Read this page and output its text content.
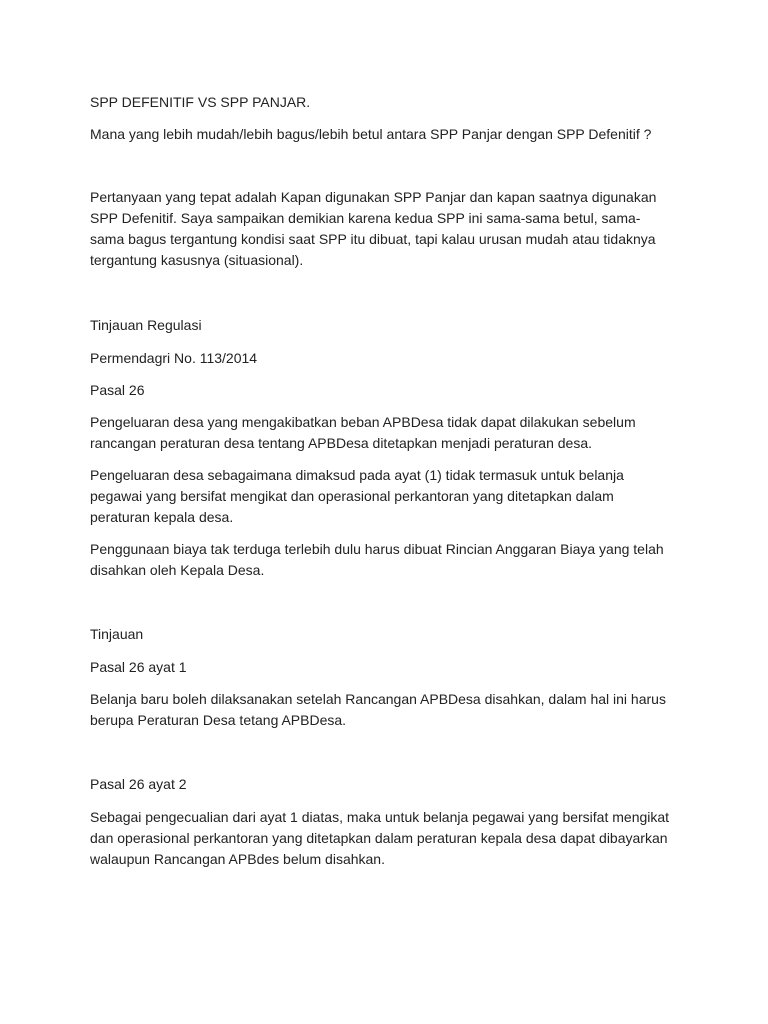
SPP DEFENITIF VS SPP PANJAR.

Mana yang lebih mudah/lebih bagus/lebih betul antara SPP Panjar dengan SPP Defenitif ?

Pertanyaan yang tepat adalah Kapan digunakan SPP Panjar dan kapan saatnya digunakan SPP Defenitif. Saya sampaikan demikian karena kedua SPP ini sama-sama betul, sama-sama bagus tergantung kondisi saat SPP itu dibuat, tapi kalau urusan mudah atau tidaknya tergantung kasusnya (situasional).

Tinjauan Regulasi

Permendagri No. 113/2014

Pasal 26

Pengeluaran desa yang mengakibatkan beban APBDesa tidak dapat dilakukan sebelum rancangan peraturan desa tentang APBDesa ditetapkan menjadi peraturan desa.

Pengeluaran desa sebagaimana dimaksud pada ayat (1) tidak termasuk untuk belanja pegawai yang bersifat mengikat dan operasional perkantoran yang ditetapkan dalam peraturan kepala desa.

Penggunaan biaya tak terduga terlebih dulu harus dibuat Rincian Anggaran Biaya yang telah disahkan oleh Kepala Desa.

Tinjauan

Pasal 26 ayat 1

Belanja baru boleh dilaksanakan setelah Rancangan APBDesa disahkan, dalam hal ini harus berupa Peraturan Desa tetang APBDesa.

Pasal 26 ayat 2

Sebagai pengecualian dari ayat 1 diatas, maka untuk belanja pegawai yang bersifat mengikat dan operasional perkantoran yang ditetapkan dalam peraturan kepala desa dapat dibayarkan walaupun Rancangan APBdes belum disahkan.
